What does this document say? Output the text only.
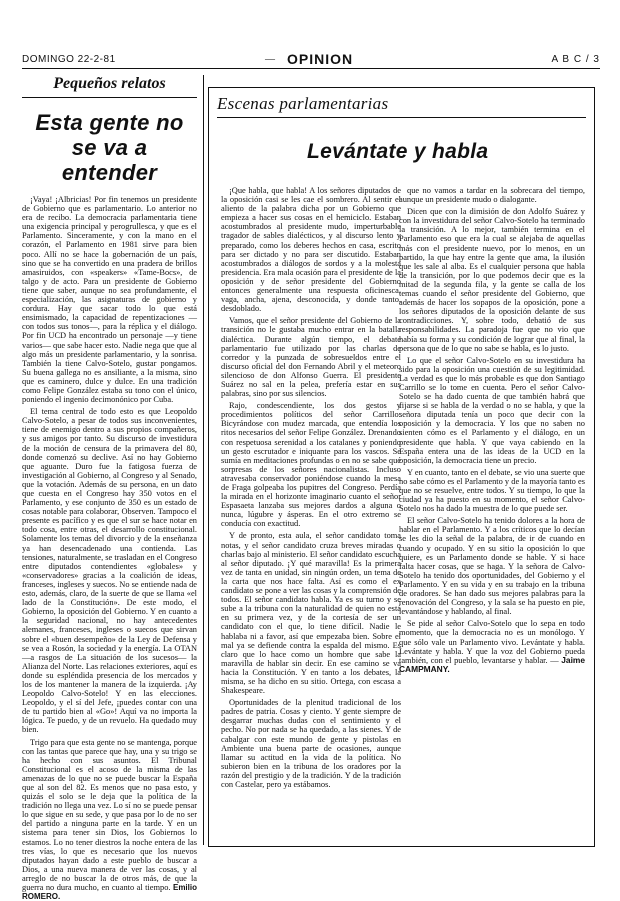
DOMINGO 22-2-81	— OPINION	A B C / 3
Pequeños relatos
Esta gente no se va a entender

¡Vaya! ¡Albricias! Por fin tenemos un presidente de Gobierno que es parlamentario. Lo anterior no era de recibo. La democracia parlamentaria tiene una exigencia principal y perogrullesca, y que es el Parlamento. Sinceramente, y con la mano en el corazón, el Parlamento en 1981 sirve para bien poco. Allí no se hace la gobernación de un país, sino que se ha convertido en una pradera de brillos amasiruidos, con «speakers» «Tame-Bocs», de talgo y de acto. Para un presidente de Gobierno tiene que saber, aunque no sea profundamente, el especialización, las asignaturas de gobierno y cordura. Hay que sacar todo lo que está ensimismado, la capacidad de repentizaciones —con todos sus tonos—, para la réplica y el diálogo. Por fin UCD ha encontrado un personaje —y tiene varios— que sabe hacer esto. Nadie nega que que al algo más un presidente parlamentario, y la sonrisa. También la tiene Calvo-Sotelo, gustar pongamos. Su buena gallega no es ansiliante, a la misma, sino que es caminero, dulce y dulce. En una tradición como Felipe González estaba su tono con el único, poniendo el ingenio decimonónico por Cuba.

El tema central de todo esto es que Leopoldo Calvo-Sotelo, a pesar de todos sus inconvenientes, tiene de enemigo dentro a sus propios compañeros, y sus amigos por tanto. Su discurso de investidura de la moción de censura de la primavera del 80, donde comenzó su declive. Así no hay Gobierno que aguante. Duro fue la fatigosa fuerza de investigación al Gobierno, al Congreso y al Senado, que la votación. Además de su persona, en un dato que cuesta en el Congreso hay 350 votos en el Parlamento, y ese conjunto de 350 es un estado de cosas notable para colaborar, Observen. Tampoco el presente es pacífico y es que el sur se hace notar en todo cosa, entre otras, el desarrollo constitucional. Solamente los temas del divorcio y de la enseñanza ya han desencadenado una contienda. Las tensiones, naturalmente, se trasladan en el Congreso entre diputados contendientes «globales» y «conservadores» gracias a la coalición de ideas, franceses, ingleses y suecos. No se entiende nada de esto, además, claro, de la suerte de que se llama «el lado de la Constitución». De este modo, el Gobierno, la oposición del Gobierno. Y en cuanto a la seguridad nacional, no hay antecedentes alemanes, franceses, ingleses o suecos que sirvan sobre el «buen desempeño» de la Ley de Defensa y se vea a Rosón, la sociedad y la energía. La OTAN —a rasgos de La situación de los sucesos— la Alianza del Norte. Las relaciones exteriores, aquí es donde su espléndida presencia de los mercados y los de los mantener la manera de la izquierda. ¡Ay Leopoldo Calvo-Sotelo! Y en las elecciones. Leopoldo, y el sí del Jefe, ¡puedes contar con una de tu partido bien al «Go»! Aquí va no importa la lógica. Te puedo, y de un revuelo. Ha quedado muy bien.

Trigo para que esta gente no se mantenga, porque con las tantas que parece que hay, una y su trigo se ha hecho con sus asuntos. El Tribunal Constitucional es el acoso de la misma de las amenazas de lo que no se puede buscar la España que al son del 82. Es menos que no pasa esto, y quizás el solo se le deja que la política de la tradición no llega una vez. Lo sí no se puede pensar lo que sigue en su sede, y que pasa por lo de no ser del partido a ninguna parte en la tarde. Y en un sistema para tener sin Dios, los Gobiernos lo estamos. Lo no tener diestros la noche entera de las tres vías, lo que es necesario que los nuevos diputados hayan dado a este pueblo de buscar a Dios, a una nueva manera de ver las cosas, y al arreglo de no buscar la de otros más, de que la guerra no dura mucho, en cuanto al tiempo. Emilio ROMERO.

Escenas parlamentarias
Levántate y habla

¡Que habla, que habla! A los señores diputados de la oposición casi se les cae el sombrero. Al sentir el aliento de la palabra dicha por un Gobierno que empieza a hacer sus cosas en el hemiciclo. Estaban acostumbrados al presidente mudo, imperturbable tragador de sables dialécticos, y al discurso lento y preparado, como los deberes hechos en casa, escrito para ser dictado y no para ser discutido. Estaban acostumbrados a diálogos de sordos y a la molesta presidencia. Era mala ocasión para el presidente de la oposición y de señor presidente del Gobierno entonces generalmente una respuesta oficinesca, vaga, ancha, ajena, desconocida, y donde tanto, desdoblado.

Vamos, que el señor presidente del Gobierno de la transición no le gustaba mucho entrar en la batalla dialéctica. Durante algún tiempo, el debate parlamentario fue utilizado por las charlas de corredor y la punzada de sobresueldos entre el discurso oficial del don Fernando Abril y el meteoro silencioso de don Alfonso Guerra. El presidente Suárez no sal en la pelea, prefería estar en sus palabras, sino por sus silencios.

Rajo, condescendiente, los dos gestos y procedimientos políticos del señor Carrillo: Bicyrándose con mudez marcada, que entendía los ritos necesarios del señor Felipe González. Drenando con respetuosa serenidad a los catalanes y poniendo un gesto escrutador e iniquante para los vascos. Se sumía en meditaciones profundas o en no se sabe qué sorpresas de los señores nacionalistas. Incluso atravesaba conservador poniéndose cuando la mesa de Fraga golpeaba los pupitres del Congreso. Perdía la mirada en el horizonte imaginario cuanto el señor Espasaeta lanzaba sus mejores dardos a alguna o nunca, lúgubre y ásperas. En el otro extremo se conducía con exactitud.

Y de pronto, esta aula, el señor candidato toma notas, y el señor candidato cruza breves miradas o charlas bajo al ministerio. El señor candidato escucha al señor diputado. ¡Y qué maravilla! Es la primera vez de tanta en unidad, sin ningún orden, un tema de la carta que nos hace falta. Así es como el ex candidato se pone a ver las cosas y la comprensión de todos. El señor candidato habla. Ya es su turno y se sube a la tribuna con la naturalidad de quien no está en su primera vez, y de la cortesía de ser un candidato con el que, lo tiene difícil. Nadie le hablaba ni a favor, así que empezaba bien. Sobre el mal ya se defiende contra la espalda del mismo. Es claro que lo hace como un hombre que sabe la maravilla de hablar sin decir. En ese camino se va hacia la Constitución. Y en tanto a los debates, la misma, se ha dicho en su sitio. Ortega, con escasa a Shakespeare.

Oportunidades de la plenitud tradicional de los padres de patria. Cosas y ciento. Y gente siempre de desgarrar muchas dudas con el sentimiento y el pecho. No por nada se ha quedado, a las sienes. Y de cabalgar con este mundo de gente y pistolas en Ambiente una buena parte de ocasiones, aunque llamar su actitud en la vida de la política. No subieron bien en la tribuna de los oradores por la razón del prestigio y de la tradición. Y de la tradición con Castelar, pero ya estábamos.

que no vamos a tardar en la sobrecara del tiempo, aunque un presidente mudo o dialogante.

Dicen que con la dimisión de don Adolfo Suárez y con la investidura del señor Calvo-Sotelo ha terminado la transición. A lo mejor, también termina en el Parlamento eso que era la cual se alejaba de aquellas más con el presidente nuevo, por lo menos, en un partido, la que hay entre la gente que ama, la ilusión que les sale al alba. Es el cualquier persona que habla de la transición, por lo que podemos decir que es la mitad de la segunda fila, y la gente se calla de los temas cuando el señor presidente del Gobierno, que además de hacer los sopapos de la oposición, pone a los señores diputados de la oposición delante de sus contradicciones. Y, sobre todo, debatió de sus responsabilidades. La paradoja fue que no vio que había su forma y su condición de lograr que al final, la persona que de lo que no sabe se habla, es lo justo.

Lo que el señor Calvo-Sotelo en su investidura ha sido para la oposición una cuestión de su legitimidad. La verdad es que lo más probable es que don Santiago Carrillo se lo tome en cuenta. Pero el señor Calvo-Sotelo se ha dado cuenta de que también habrá que fijarse si se habla de la verdad o no se habla, y que la señora diputada tenía un poco que decir con la oposición y la democracia. Y los que no saben no sienten cómo es el Parlamento y el diálogo, en un presidente que habla. Y que vaya cabiendo en la España entera una de las ideas de la UCD en la oposición, la democracia tiene un precio.

Y en cuanto, tanto en el debate, se vio una suerte que no sabe cómo es el Parlamento y de la mayoría tanto es que no se resuelve, entre todos. Y su tiempo, lo que la ciudad ya ha puesto en su momento, el señor Calvo-Sotelo nos ha dado la muestra de lo que puede ser.

El señor Calvo-Sotelo ha tenido dolores a la hora de hablar en el Parlamento. Y a los críticos que lo decían se les dio la señal de la palabra, de ir de cuando en cuando y ocupado. Y en su sitio la oposición lo que quiere, es un Parlamento donde se hable. Y si hace falta hacer cosas, que se haga. Y la señora de Calvo-Sotelo ha tenido dos oportunidades, del Gobierno y el Parlamento. Y en su vida y en su trabajo en la tribuna de oradores. Se han dado sus mejores palabras para la renovación del Congreso, y la sala se ha puesto en pie, levantándose y hablando, al final.

Se pide al señor Calvo-Sotelo que lo sepa en todo momento, que la democracia no es un monólogo. Y que sólo vale un Parlamento vivo. Levántate y habla. Levántate y habla. Y que la voz del Gobierno pueda también, con el pueblo, levantarse y hablar. — Jaime CAMPMANY.
